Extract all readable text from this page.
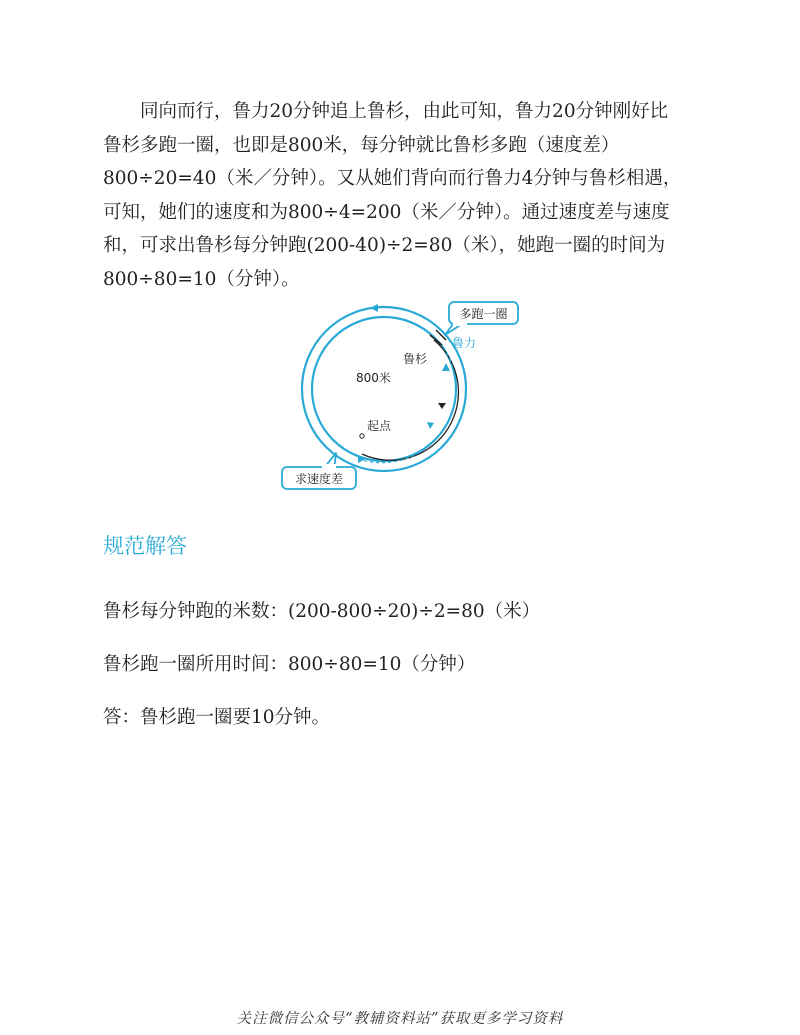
同向而行，鲁力20分钟追上鲁杉，由此可知，鲁力20分钟刚好比
鲁杉多跑一圈，也即是800米，每分钟就比鲁杉多跑（速度差）
800÷20=40（米／分钟）。又从她们背向而行鲁力4分钟与鲁杉相遇，
可知，她们的速度和为800÷4=200（米／分钟）。通过速度差与速度
和，可求出鲁杉每分钟跑(200-40)÷2=80（米），她跑一圈的时间为
800÷80=10（分钟）。

800米
鲁杉
鲁力
起点
多跑一圈
求速度差
规范解答

鲁杉每分钟跑的米数：(200-800÷20)÷2=80（米）

鲁杉跑一圈所用时间：800÷80=10（分钟）

答：鲁杉跑一圈要10分钟。

关注微信公众号“教辅资料站”获取更多学习资料
